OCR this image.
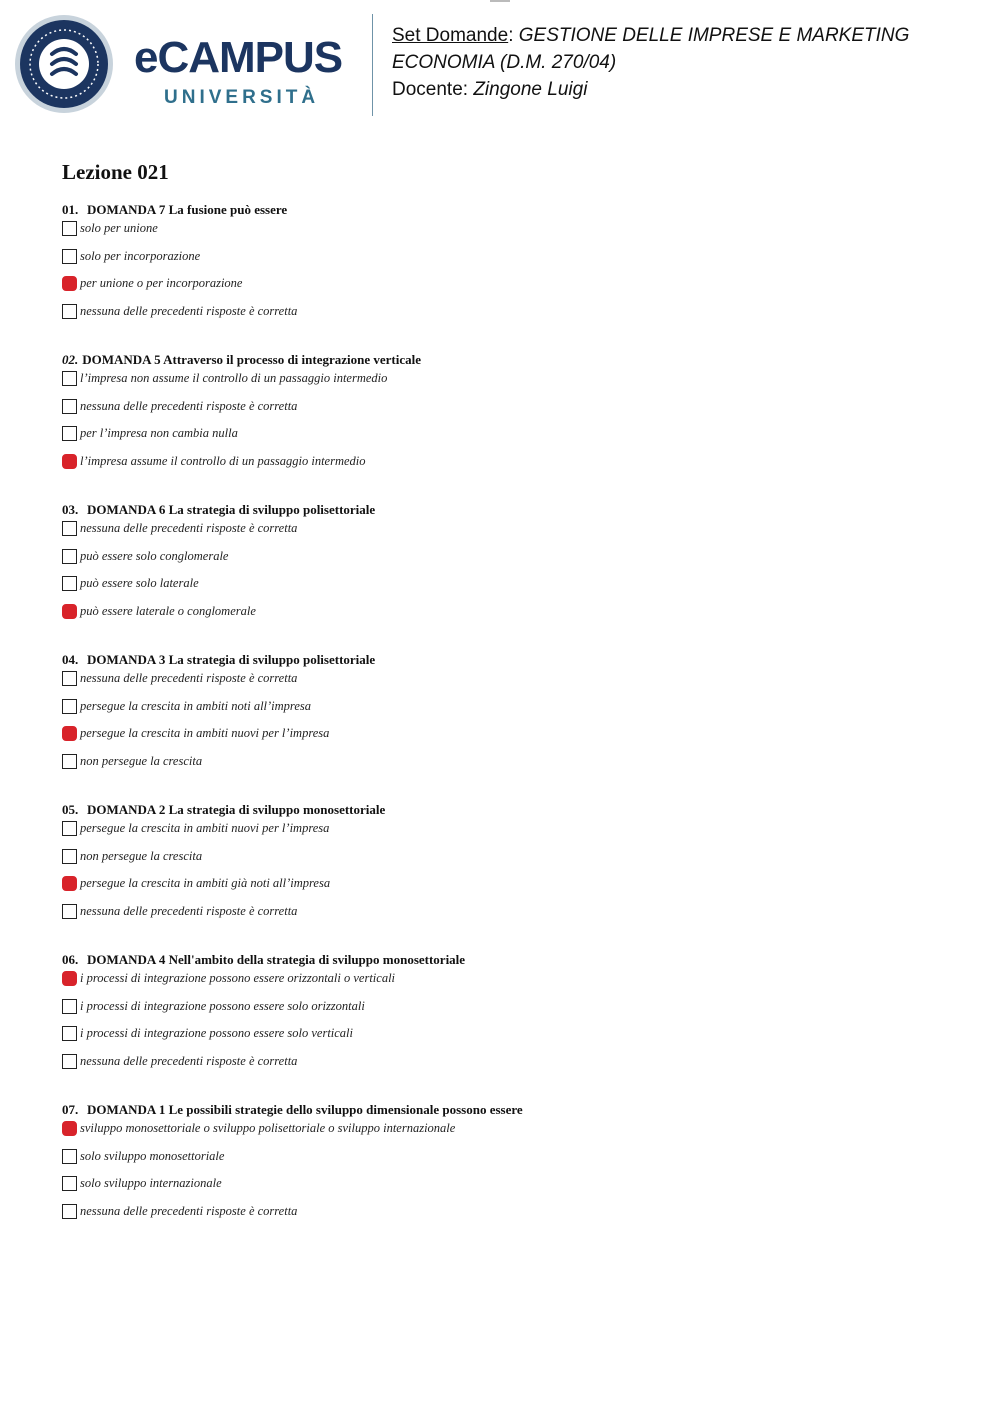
eCAMPUS
UNIVERSITÀ
Set Domande: GESTIONE DELLE IMPRESE E MARKETING ECONOMIA (D.M. 270/04)
Docente: Zingone Luigi
Lezione 021
01. DOMANDA 7 La fusione può essere
solo per unione
solo per incorporazione
per unione o per incorporazione
nessuna delle precedenti risposte è corretta
02. DOMANDA 5 Attraverso il processo di integrazione verticale
l’impresa non assume il controllo di un passaggio intermedio
nessuna delle precedenti risposte è corretta
per l’impresa non cambia nulla
l’impresa assume il controllo di un passaggio intermedio
03. DOMANDA 6 La strategia di sviluppo polisettoriale
nessuna delle precedenti risposte è corretta
può essere solo conglomerale
può essere solo laterale
può essere laterale o conglomerale
04. DOMANDA 3 La strategia di sviluppo polisettoriale
nessuna delle precedenti risposte è corretta
persegue la crescita in ambiti noti all’impresa
persegue la crescita in ambiti nuovi per l’impresa
non persegue la crescita
05. DOMANDA 2 La strategia di sviluppo monosettoriale
persegue la crescita in ambiti nuovi per l’impresa
non persegue la crescita
persegue la crescita in ambiti già noti all’impresa
nessuna delle precedenti risposte è corretta
06. DOMANDA 4 Nell'ambito della strategia di sviluppo monosettoriale
i processi di integrazione possono essere orizzontali o verticali
i processi di integrazione possono essere solo orizzontali
i processi di integrazione possono essere solo verticali
nessuna delle precedenti risposte è corretta
07. DOMANDA 1 Le possibili strategie dello sviluppo dimensionale possono essere
sviluppo monosettoriale o sviluppo polisettoriale o sviluppo internazionale
solo sviluppo monosettoriale
solo sviluppo internazionale
nessuna delle precedenti risposte è corretta
